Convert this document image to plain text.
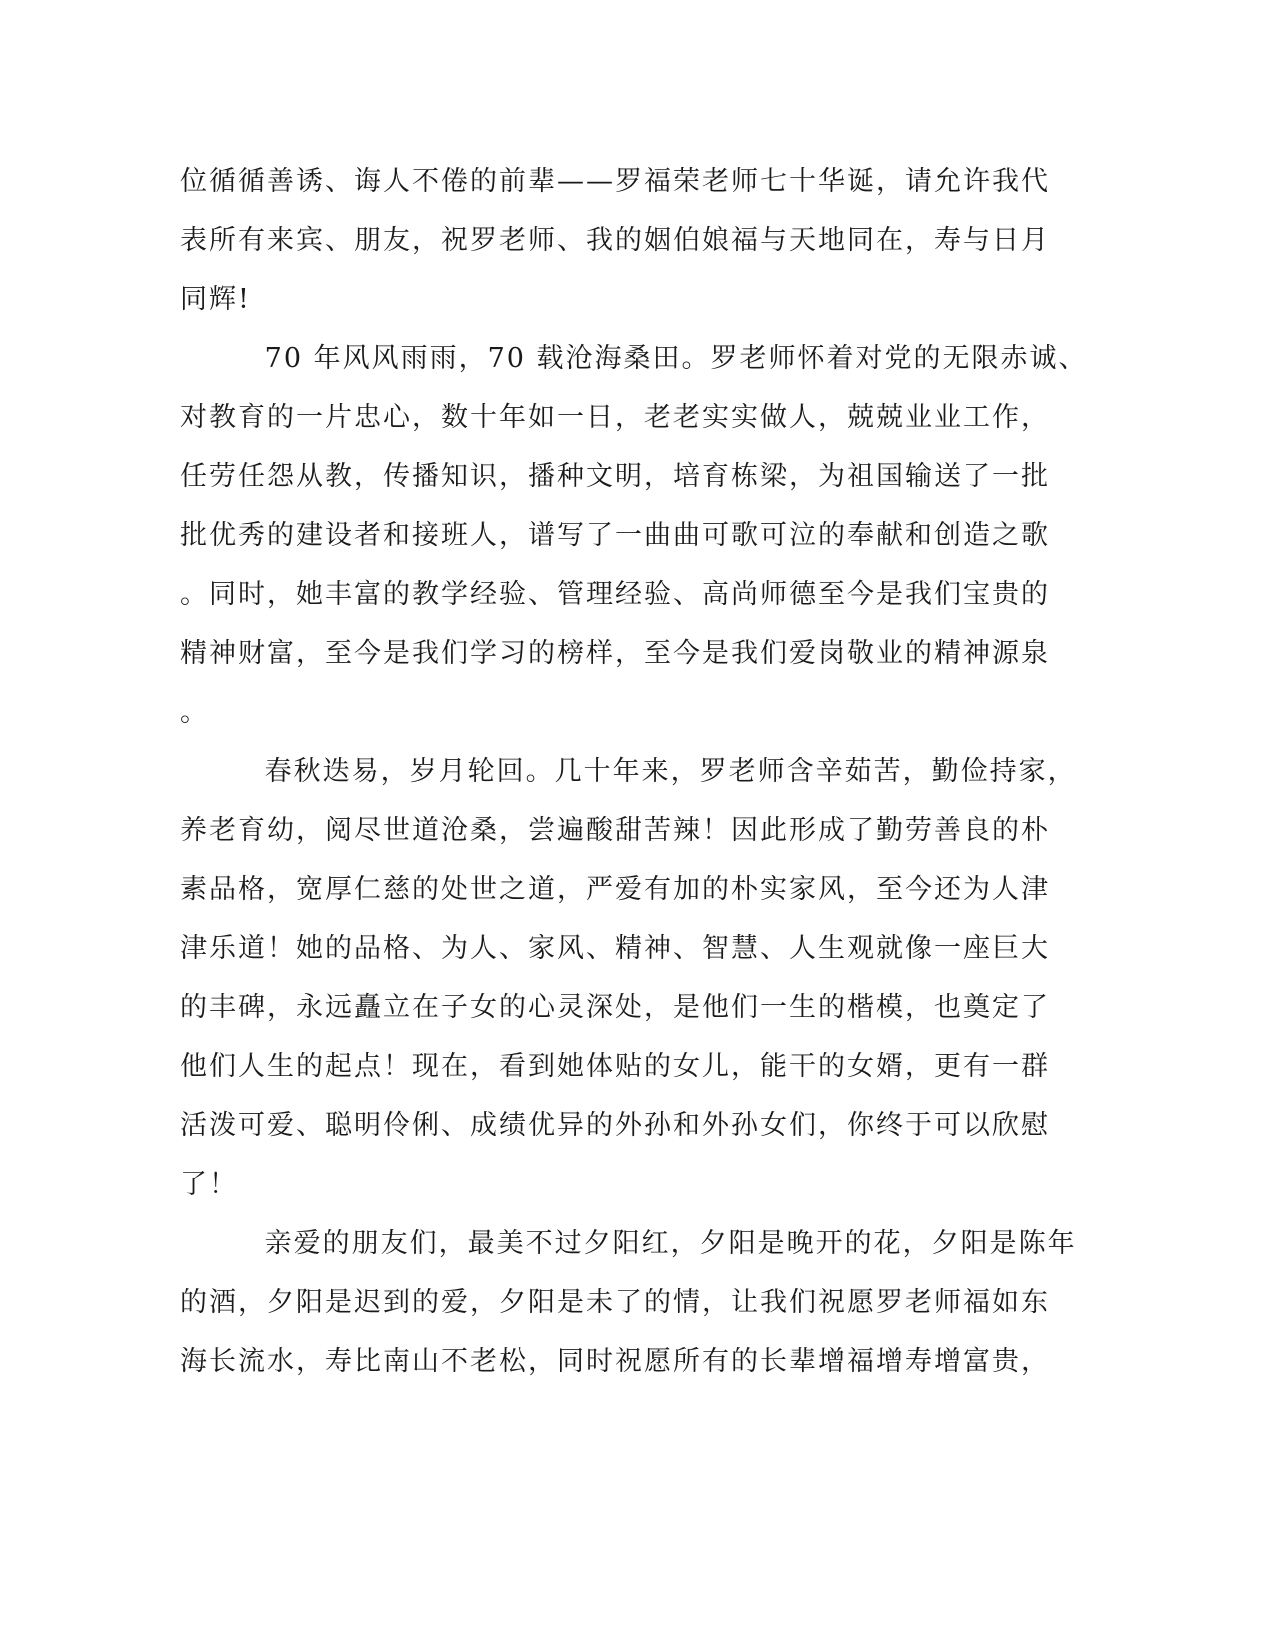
位循循善诱、诲人不倦的前辈——罗福荣老师七十华诞，请允许我代
表所有来宾、朋友，祝罗老师、我的姻伯娘福与天地同在，寿与日月
同辉!
70 年风风雨雨，70 载沧海桑田。罗老师怀着对党的无限赤诚、
对教育的一片忠心，数十年如一日，老老实实做人，兢兢业业工作，
任劳任怨从教，传播知识，播种文明，培育栋梁，为祖国输送了一批
批优秀的建设者和接班人，谱写了一曲曲可歌可泣的奉献和创造之歌
。同时，她丰富的教学经验、管理经验、高尚师德至今是我们宝贵的
精神财富，至今是我们学习的榜样，至今是我们爱岗敬业的精神源泉
。
春秋迭易，岁月轮回。几十年来，罗老师含辛茹苦，勤俭持家，
养老育幼，阅尽世道沧桑，尝遍酸甜苦辣！因此形成了勤劳善良的朴
素品格，宽厚仁慈的处世之道，严爱有加的朴实家风，至今还为人津
津乐道！她的品格、为人、家风、精神、智慧、人生观就像一座巨大
的丰碑，永远矗立在子女的心灵深处，是他们一生的楷模，也奠定了
他们人生的起点！现在，看到她体贴的女儿，能干的女婿，更有一群
活泼可爱、聪明伶俐、成绩优异的外孙和外孙女们，你终于可以欣慰
了！
亲爱的朋友们，最美不过夕阳红，夕阳是晚开的花，夕阳是陈年
的酒，夕阳是迟到的爱，夕阳是未了的情，让我们祝愿罗老师福如东
海长流水，寿比南山不老松，同时祝愿所有的长辈增福增寿增富贵，
